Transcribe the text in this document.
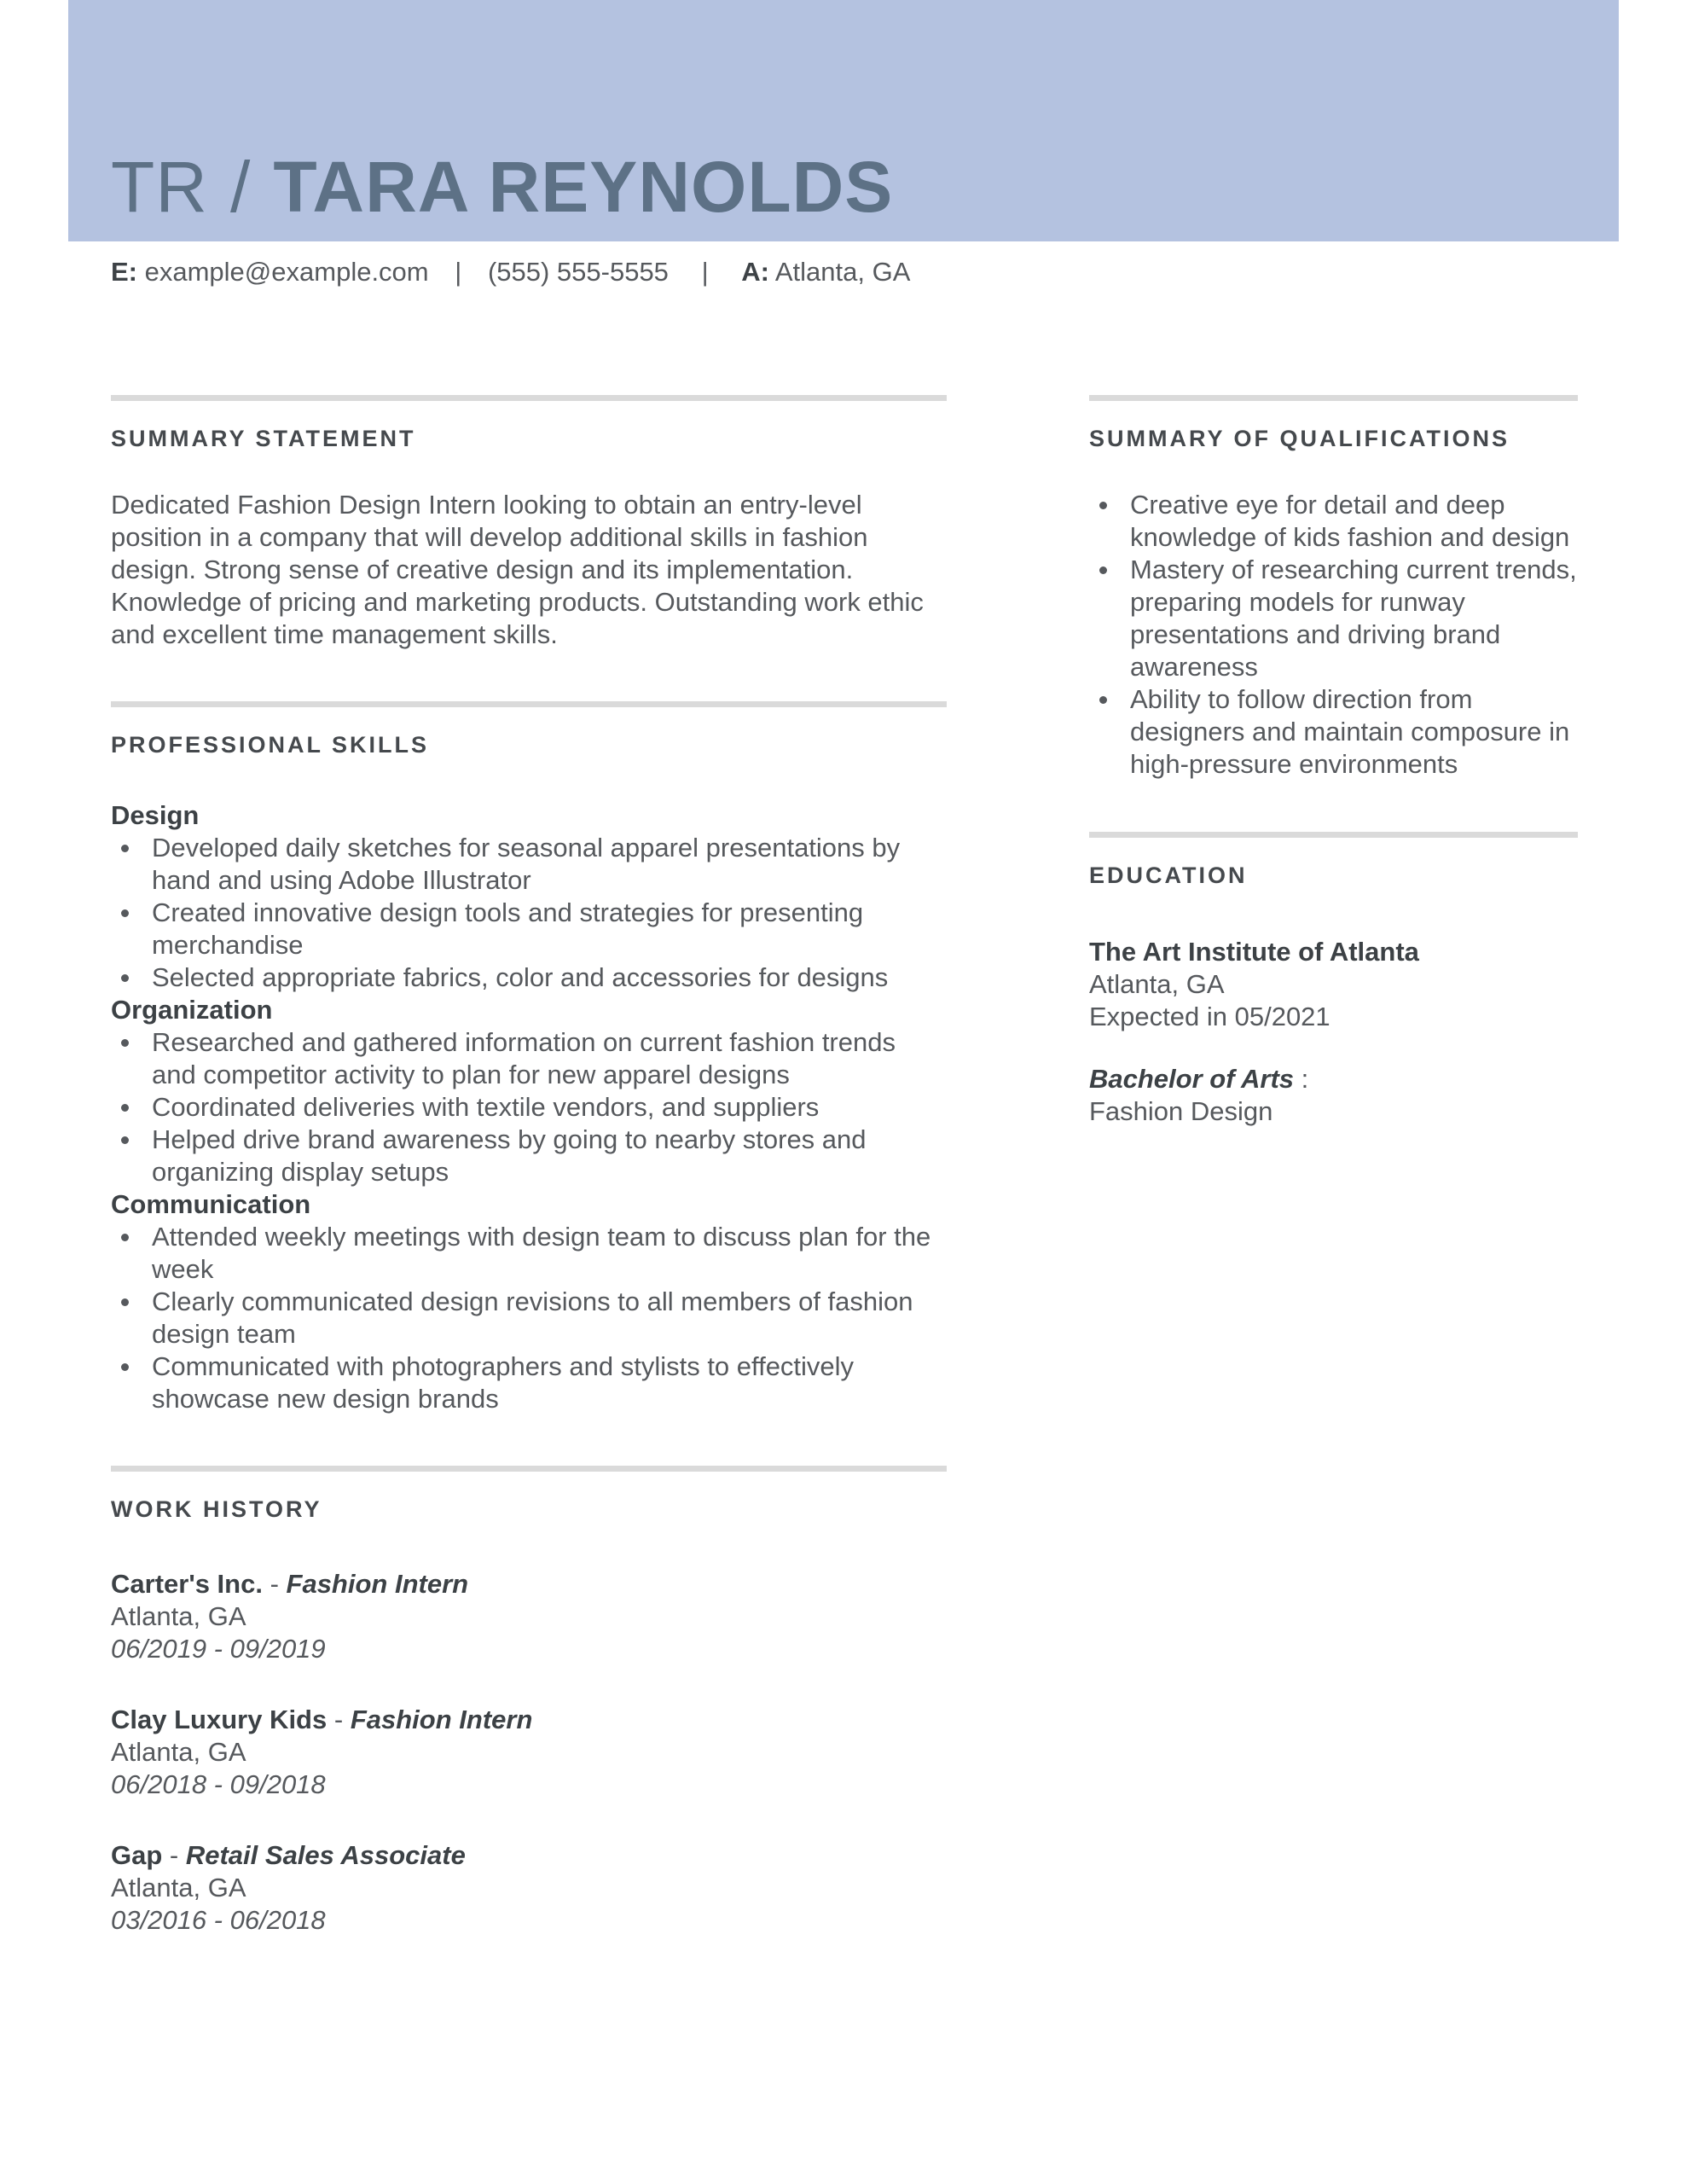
TR / TARA REYNOLDS
E: example@example.com | (555) 555-5555 | A: Atlanta, GA
SUMMARY STATEMENT
Dedicated Fashion Design Intern looking to obtain an entry-level position in a company that will develop additional skills in fashion design. Strong sense of creative design and its implementation. Knowledge of pricing and marketing products. Outstanding work ethic and excellent time management skills.
PROFESSIONAL SKILLS
Design
Developed daily sketches for seasonal apparel presentations by hand and using Adobe Illustrator
Created innovative design tools and strategies for presenting merchandise
Selected appropriate fabrics, color and accessories for designs
Organization
Researched and gathered information on current fashion trends and competitor activity to plan for new apparel designs
Coordinated deliveries with textile vendors, and suppliers
Helped drive brand awareness by going to nearby stores and organizing display setups
Communication
Attended weekly meetings with design team to discuss plan for the week
Clearly communicated design revisions to all members of fashion design team
Communicated with photographers and stylists to effectively showcase new design brands
WORK HISTORY
Carter's Inc. - Fashion Intern
Atlanta, GA
06/2019 - 09/2019
Clay Luxury Kids - Fashion Intern
Atlanta, GA
06/2018 - 09/2018
Gap - Retail Sales Associate
Atlanta, GA
03/2016 - 06/2018
SUMMARY OF QUALIFICATIONS
Creative eye for detail and deep knowledge of kids fashion and design
Mastery of researching current trends, preparing models for runway presentations and driving brand awareness
Ability to follow direction from designers and maintain composure in high-pressure environments
EDUCATION
The Art Institute of Atlanta
Atlanta, GA
Expected in 05/2021
Bachelor of Arts :
Fashion Design
